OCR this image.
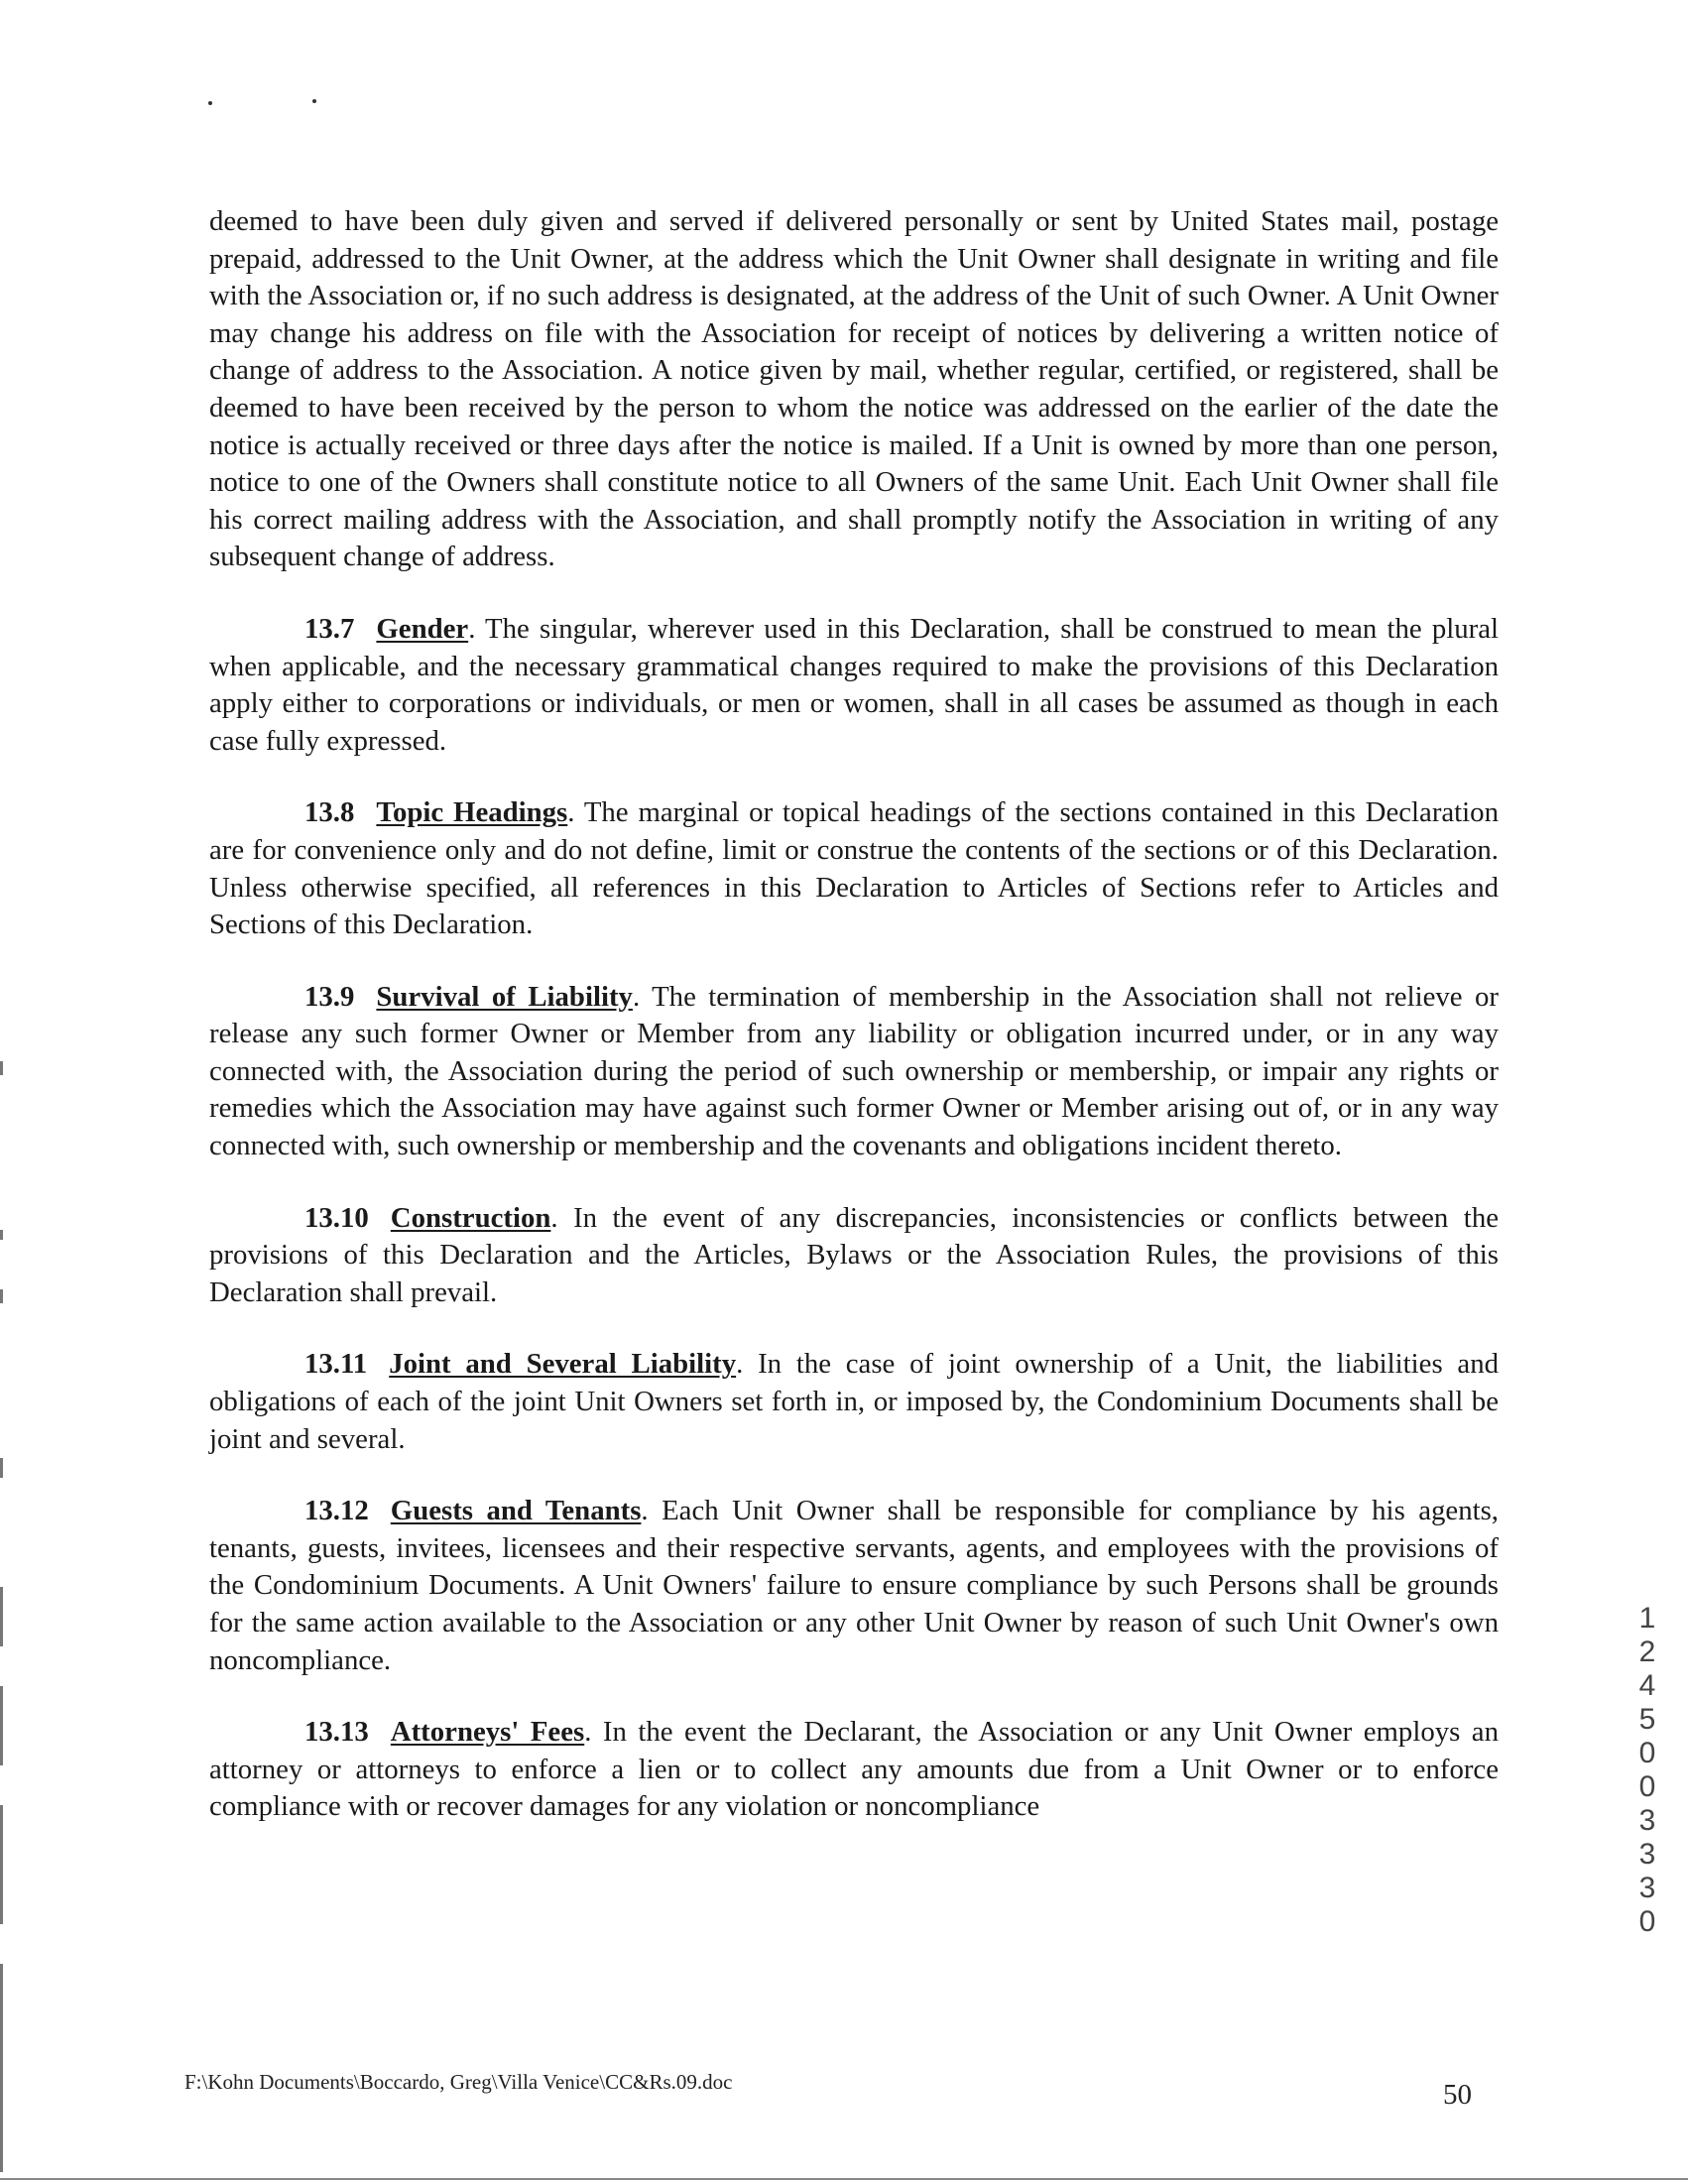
deemed to have been duly given and served if delivered personally or sent by United States mail, postage prepaid, addressed to the Unit Owner, at the address which the Unit Owner shall designate in writing and file with the Association or, if no such address is designated, at the address of the Unit of such Owner. A Unit Owner may change his address on file with the Association for receipt of notices by delivering a written notice of change of address to the Association. A notice given by mail, whether regular, certified, or registered, shall be deemed to have been received by the person to whom the notice was addressed on the earlier of the date the notice is actually received or three days after the notice is mailed. If a Unit is owned by more than one person, notice to one of the Owners shall constitute notice to all Owners of the same Unit. Each Unit Owner shall file his correct mailing address with the Association, and shall promptly notify the Association in writing of any subsequent change of address.

13.7 Gender. The singular, wherever used in this Declaration, shall be construed to mean the plural when applicable, and the necessary grammatical changes required to make the provisions of this Declaration apply either to corporations or individuals, or men or women, shall in all cases be assumed as though in each case fully expressed.

13.8 Topic Headings. The marginal or topical headings of the sections contained in this Declaration are for convenience only and do not define, limit or construe the contents of the sections or of this Declaration. Unless otherwise specified, all references in this Declaration to Articles of Sections refer to Articles and Sections of this Declaration.

13.9 Survival of Liability. The termination of membership in the Association shall not relieve or release any such former Owner or Member from any liability or obligation incurred under, or in any way connected with, the Association during the period of such ownership or membership, or impair any rights or remedies which the Association may have against such former Owner or Member arising out of, or in any way connected with, such ownership or membership and the covenants and obligations incident thereto.

13.10 Construction. In the event of any discrepancies, inconsistencies or conflicts between the provisions of this Declaration and the Articles, Bylaws or the Association Rules, the provisions of this Declaration shall prevail.

13.11 Joint and Several Liability. In the case of joint ownership of a Unit, the liabilities and obligations of each of the joint Unit Owners set forth in, or imposed by, the Condominium Documents shall be joint and several.

13.12 Guests and Tenants. Each Unit Owner shall be responsible for compliance by his agents, tenants, guests, invitees, licensees and their respective servants, agents, and employees with the provisions of the Condominium Documents. A Unit Owners' failure to ensure compliance by such Persons shall be grounds for the same action available to the Association or any other Unit Owner by reason of such Unit Owner's own noncompliance.

13.13 Attorneys' Fees. In the event the Declarant, the Association or any Unit Owner employs an attorney or attorneys to enforce a lien or to collect any amounts due from a Unit Owner or to enforce compliance with or recover damages for any violation or noncompliance

1245 0 03330
F:\Kohn Documents\Boccardo, Greg\Villa Venice\CC&Rs.09.doc	50
